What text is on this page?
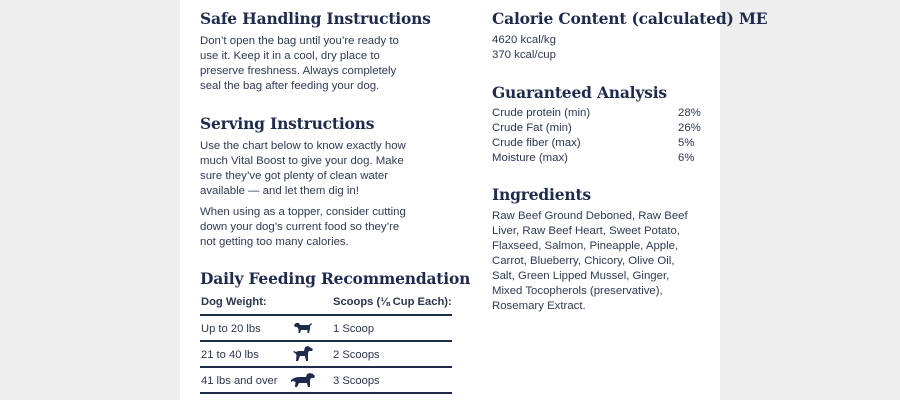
Safe Handling Instructions

Don’t open the bag until you’re ready to

use it. Keep it in a cool, dry place to

preserve freshness. Always completely

seal the bag after feeding your dog.

Serving Instructions

Use the chart below to know exactly how

much Vital Boost to give your dog. Make

sure they’ve got plenty of clean water

available — and let them dig in!

When using as a topper, consider cutting

down your dog’s current food so they’re

not getting too many calories.

Daily Feeding Recommendation
Dog Weight:	Scoops (⅛ Cup Each):
Up to 20 lbs	1 Scoop
21 to 40 lbs	2 Scoops
41 lbs and over	3 Scoops
Calorie Content (calculated) ME

4620 kcal/kg

370 kcal/cup

Guaranteed Analysis
Crude protein (min)	28%
Crude Fat (min)	26%
Crude fiber (max)	5%
Moisture (max)	6%
Ingredients

Raw Beef Ground Deboned, Raw Beef

Liver, Raw Beef Heart, Sweet Potato,

Flaxseed, Salmon, Pineapple, Apple,

Carrot, Blueberry, Chicory, Olive Oil,

Salt, Green Lipped Mussel, Ginger,

Mixed Tocopherols (preservative),

Rosemary Extract.
